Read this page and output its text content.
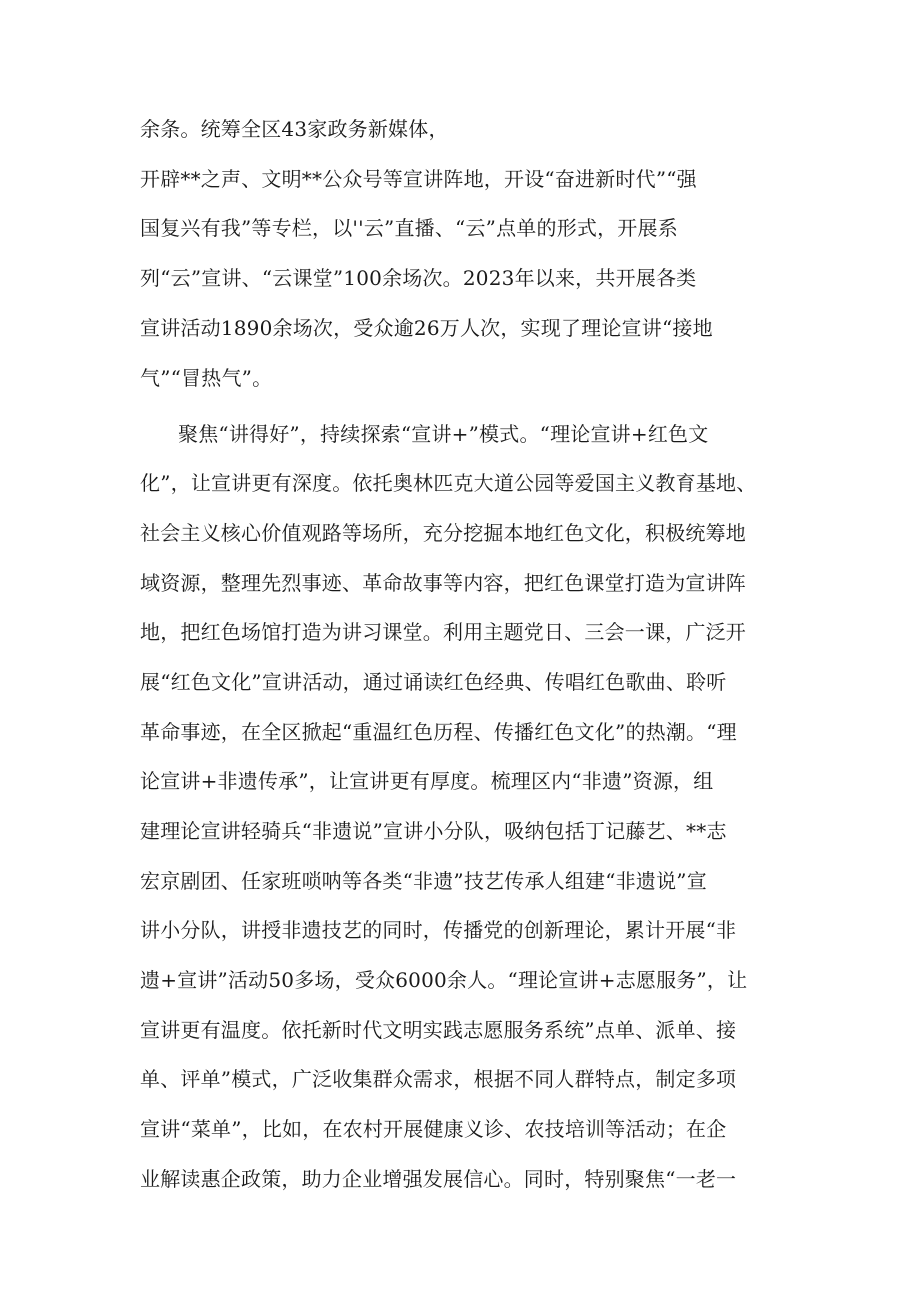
余条。统筹全区43家政务新媒体，
开辟**之声、文明**公众号等宣讲阵地，开设“奋进新时代”“强
国复兴有我”等专栏，以''云”直播、“云”点单的形式，开展系
列“云”宣讲、“云课堂”100余场次。2023年以来，共开展各类
宣讲活动1890余场次，受众逾26万人次，实现了理论宣讲“接地
气”“冒热气”。
聚焦“讲得好”，持续探索“宣讲+”模式。“理论宣讲+红色文
化”，让宣讲更有深度。依托奥林匹克大道公园等爱国主义教育基地、
社会主义核心价值观路等场所，充分挖掘本地红色文化，积极统筹地
域资源，整理先烈事迹、革命故事等内容，把红色课堂打造为宣讲阵
地，把红色场馆打造为讲习课堂。利用主题党日、三会一课，广泛开
展“红色文化”宣讲活动，通过诵读红色经典、传唱红色歌曲、聆听
革命事迹，在全区掀起“重温红色历程、传播红色文化”的热潮。“理
论宣讲+非遗传承”，让宣讲更有厚度。梳理区内“非遗”资源，组
建理论宣讲轻骑兵“非遗说”宣讲小分队，吸纳包括丁记藤艺、**志
宏京剧团、任家班唢呐等各类“非遗”技艺传承人组建“非遗说”宣
讲小分队，讲授非遗技艺的同时，传播党的创新理论，累计开展“非
遗+宣讲”活动50多场，受众6000余人。“理论宣讲+志愿服务”，让
宣讲更有温度。依托新时代文明实践志愿服务系统”点单、派单、接
单、评单”模式，广泛收集群众需求，根据不同人群特点，制定多项
宣讲“菜单”，比如，在农村开展健康义诊、农技培训等活动；在企
业解读惠企政策，助力企业增强发展信心。同时，特别聚焦“一老一
